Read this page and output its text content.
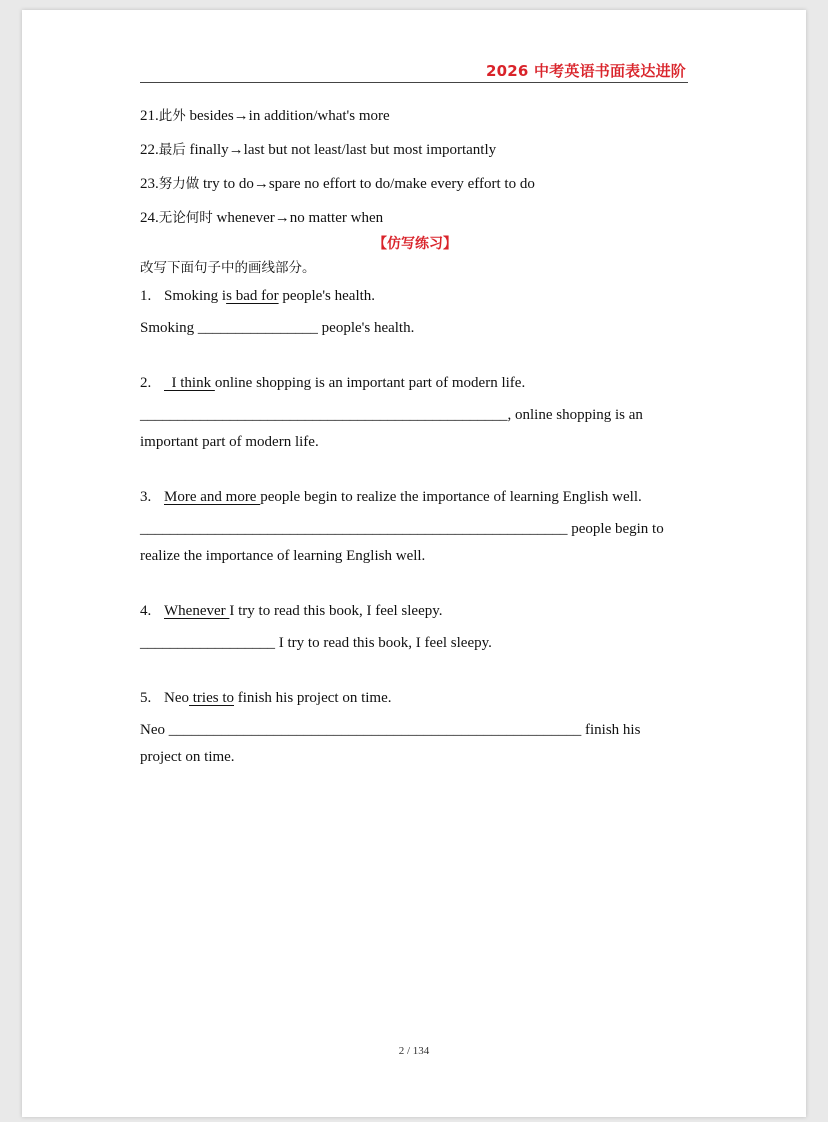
2026 中考英语书面表达进阶
21.此外 besides→in addition/what's more
22.最后 finally→last but not least/last but most importantly
23.努力做 try to do→spare no effort to do/make every effort to do
24.无论何时 whenever→no matter when
【仿写练习】
改写下面句子中的画线部分。
1. Smoking is bad for people's health.
Smoking ________________ people's health.
2.  I think online shopping is an important part of modern life.
_________________________________________________, online shopping is an
important part of modern life.
3. More and more people begin to realize the importance of learning English well.
_________________________________________________________ people begin to
realize the importance of learning English well.
4. Whenever I try to read this book, I feel sleepy.
__________________ I try to read this book, I feel sleepy.
5. Neo tries to finish his project on time.
Neo _______________________________________________________ finish his
project on time.
2 / 134
